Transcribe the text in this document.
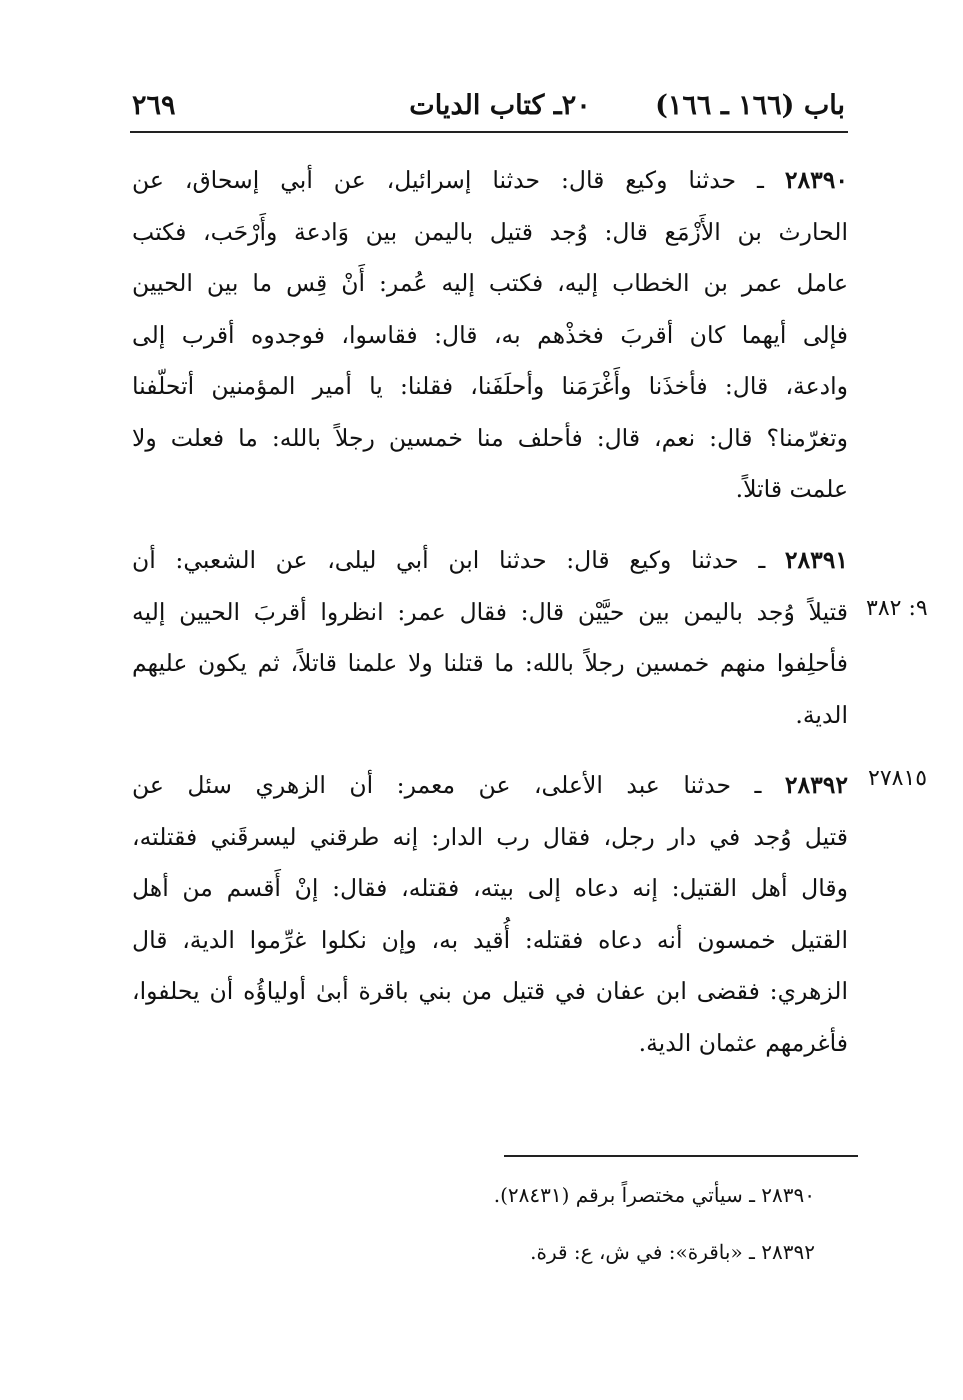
٢٦٩	٢٠ـ كتاب الديات	باب (١٦٦ ـ ١٦٦)
٢٨٣٩٠ ـ حدثنا وكيع قال: حدثنا إسرائيل، عن أبي إسحاق، عن
الحارث بن الأَزْمَع قال: وُجد قتيل باليمن بين وَادعة وأَرْحَب، فكتب
عامل عمر بن الخطاب إليه، فكتب إليه عُمر: أَنْ قِس ما بين الحيين
فإلى أيهما كان أقربَ فخذْهم به، قال: فقاسوا، فوجدوه أقرب إلى
وادعة، قال: فأخذَنا وأَغْرَمَنا وأحلَفَنا، فقلنا: يا أمير المؤمنين أتحلّفنا
وتغرّمنا؟ قال: نعم، قال: فأحلف منا خمسين رجلاً بالله: ما فعلت ولا
علمت قاتلاً.
٩: ٣٨٢
٢٨٣٩١ ـ حدثنا وكيع قال: حدثنا ابن أبي ليلى، عن الشعبي: أن
قتيلاً وُجد باليمن بين حيَّيْن قال: فقال عمر: انظروا أقربَ الحيين إليه
فأحلِفوا منهم خمسين رجلاً بالله: ما قتلنا ولا علمنا قاتلاً، ثم يكون عليهم
الدية.
٢٧٨١٥
٢٨٣٩٢ ـ حدثنا عبد الأعلى، عن معمر: أن الزهري سئل عن
قتيل وُجد في دار رجل، فقال رب الدار: إنه طرقني ليسرقَني فقتلته،
وقال أهل القتيل: إنه دعاه إلى بيته، فقتله، فقال: إنْ أَقسم من أهل
القتيل خمسون أنه دعاه فقتله: أُقيد به، وإن نكلوا غرِّموا الدية، قال
الزهري: فقضى ابن عفان في قتيل من بني باقرة أبىٰ أولياؤُه أن يحلفوا،
فأغرمهم عثمان الدية.
٢٨٣٩٠ ـ سيأتي مختصراً برقم (٢٨٤٣١).
٢٨٣٩٢ ـ «باقرة»: في ش، ع: قرة.
